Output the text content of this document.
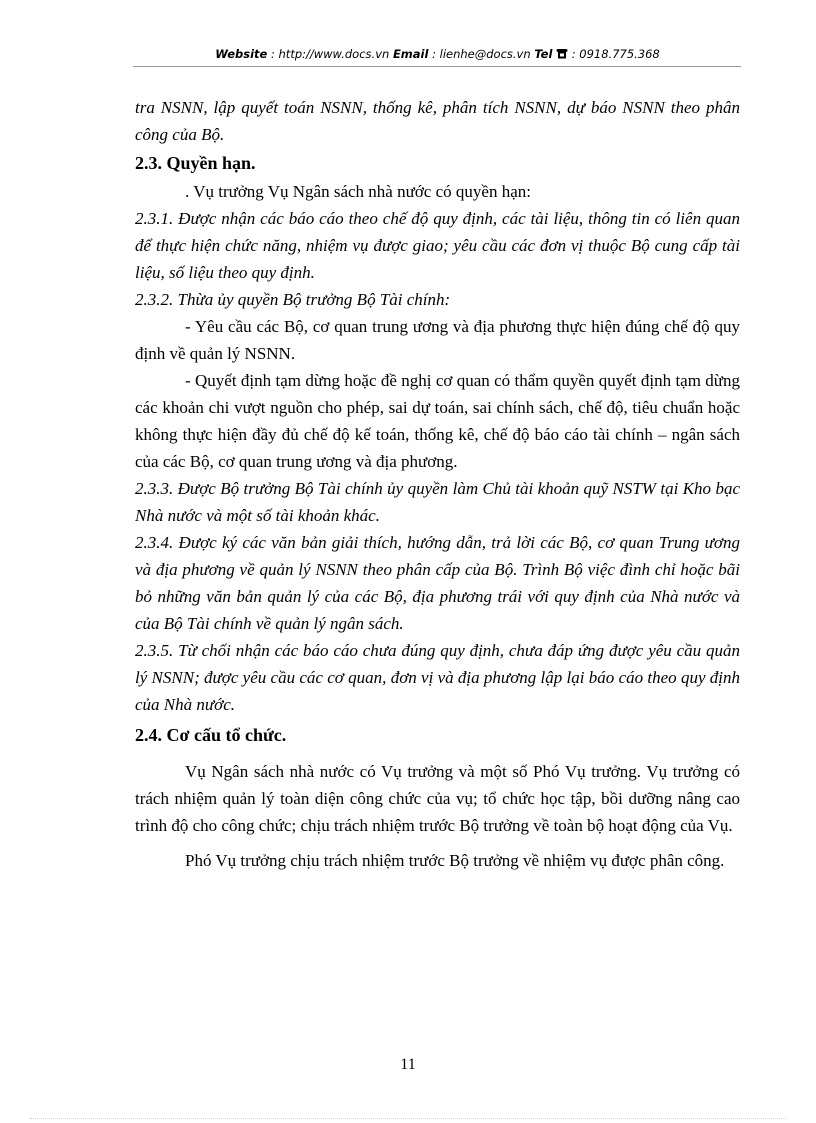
Website : http://www.docs.vn Email : lienhe@docs.vn Tel  : 0918.775.368

tra NSNN, lập quyết toán NSNN, thống kê, phân tích NSNN, dự báo NSNN theo phân công của Bộ.

2.3. Quyền hạn.

. Vụ trưởng Vụ Ngân sách nhà nước có quyền hạn:

2.3.1. Được nhận các báo cáo theo chế độ quy định, các tài liệu, thông tin có liên quan để thực hiện chức năng, nhiệm vụ được giao; yêu cầu các đơn vị thuộc Bộ cung cấp tài liệu, số liệu theo quy định.

2.3.2. Thừa ủy quyền Bộ trưởng Bộ Tài chính:

- Yêu cầu các Bộ, cơ quan trung ương và địa phương thực hiện đúng chế độ quy định về quản lý NSNN.

- Quyết định tạm dừng hoặc đề nghị cơ quan có thẩm quyền quyết định tạm dừng các khoản chi vượt nguồn cho phép, sai dự toán, sai chính sách, chế độ, tiêu chuẩn hoặc không thực hiện đầy đủ chế độ kế toán, thống kê, chế độ báo cáo tài chính – ngân sách của các Bộ, cơ quan trung ương và địa phương.

2.3.3. Được Bộ trưởng Bộ Tài chính ủy quyền làm Chủ tài khoản quỹ NSTW tại Kho bạc Nhà nước và một số tài khoản khác.

2.3.4. Được ký các văn bản giải thích, hướng dẫn, trả lời các Bộ, cơ quan Trung ương và địa phương về quản lý NSNN theo phân cấp của Bộ. Trình Bộ việc đình chỉ hoặc bãi bỏ những văn bản quản lý của các Bộ, địa phương trái với quy định của Nhà nước và của Bộ Tài chính về quản lý ngân sách.

2.3.5. Từ chối nhận các báo cáo chưa đúng quy định, chưa đáp ứng được yêu cầu quản lý NSNN; được yêu cầu các cơ quan, đơn vị và địa phương lập lại báo cáo theo quy định của Nhà nước.

2.4. Cơ cấu tổ chức.

Vụ Ngân sách nhà nước có Vụ trưởng và một số Phó Vụ trưởng. Vụ trưởng có trách nhiệm quản lý toàn diện công chức của vụ; tổ chức học tập, bồi dưỡng nâng cao trình độ cho công chức; chịu trách nhiệm trước Bộ trưởng về toàn bộ hoạt động của Vụ.

Phó Vụ trưởng chịu trách nhiệm trước Bộ trưởng về nhiệm vụ được phân công.

11
